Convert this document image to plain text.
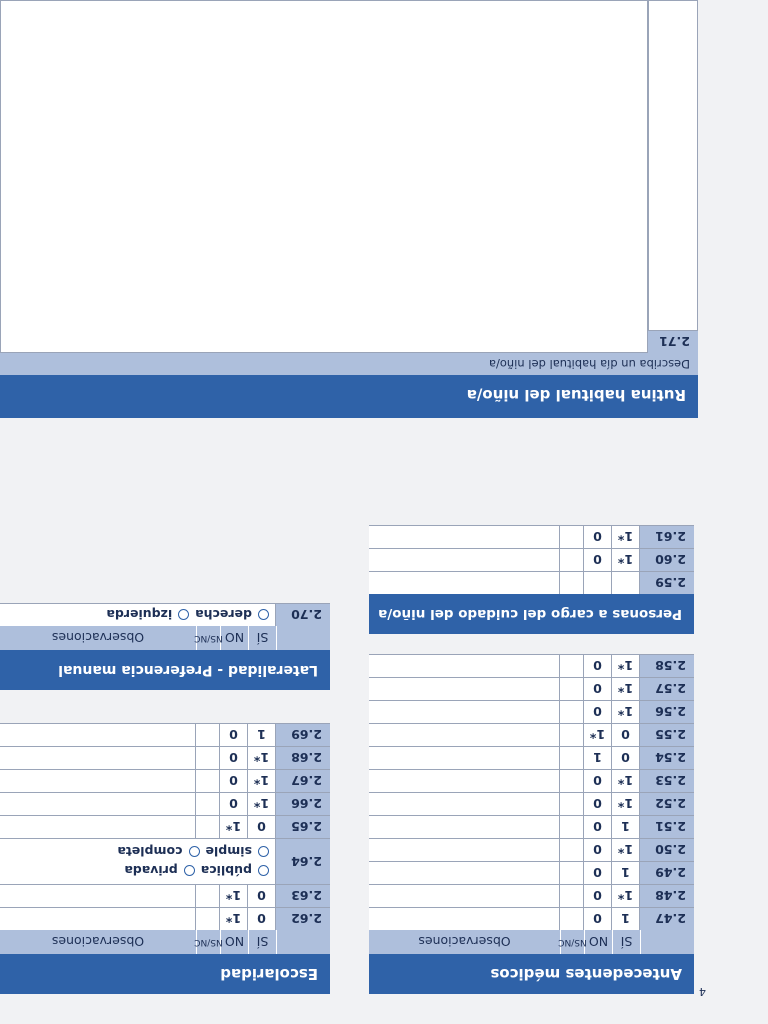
4
Antecedentes médicos
SÍ
NO
NS/NC
Observaciones
2.47
1
0
2.48
1*
0
2.49
1
0
2.50
1*
0
2.51
1
0
2.52
1*
0
2.53
1*
0
2.54
0
1
2.55
0
1*
2.56
1*
0
2.57
1*
0
2.58
1*
0
Personas a cargo del cuidado del niño/a
2.59
2.60
1*
0
2.61
1*
0
Escolaridad
SÍ
NO
NS/NC
Observaciones
2.62
0
1*
2.63
0
1*
2.64
pública
privada
simple
completa
2.65
0
1*
2.66
1*
0
2.67
1*
0
2.68
1*
0
2.69
1
0
Lateralidad - Preferencia manual
SÍ
NO
NS/NC
Observaciones
2.70
derecha
izquierda
Rutina habitual del niño/a
Describa un día habitual del niño/a
2.71
